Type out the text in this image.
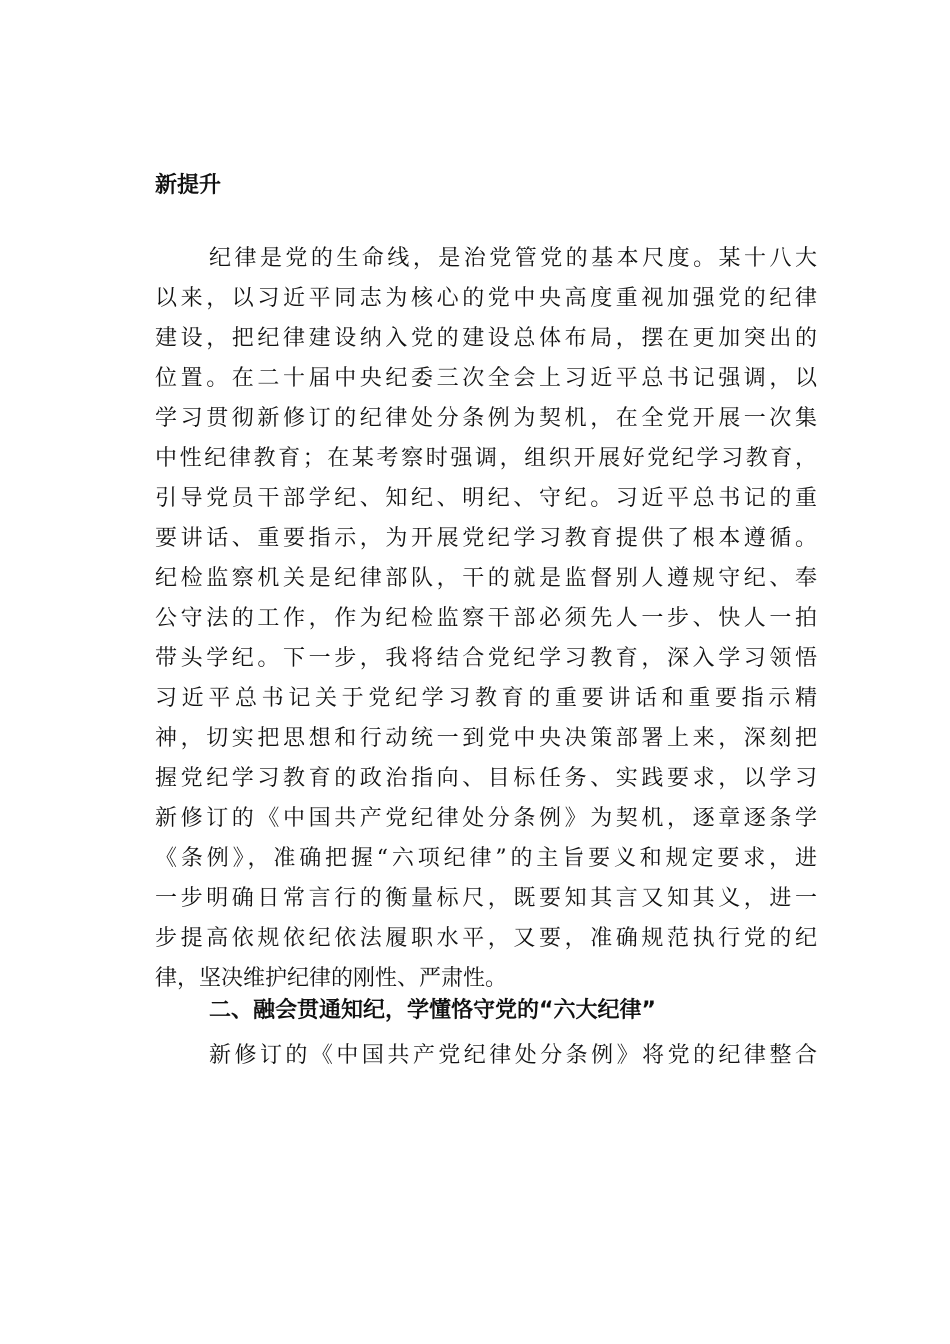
新提升

纪律是党的生命线，是治党管党的基本尺度。某十八大

以来，以习近平同志为核心的党中央高度重视加强党的纪律

建设，把纪律建设纳入党的建设总体布局，摆在更加突出的

位置。在二十届中央纪委三次全会上习近平总书记强调，以

学习贯彻新修订的纪律处分条例为契机，在全党开展一次集

中性纪律教育；在某考察时强调，组织开展好党纪学习教育，

引导党员干部学纪、知纪、明纪、守纪。习近平总书记的重

要讲话、重要指示，为开展党纪学习教育提供了根本遵循。

纪检监察机关是纪律部队，干的就是监督别人遵规守纪、奉

公守法的工作，作为纪检监察干部必须先人一步、快人一拍

带头学纪。下一步，我将结合党纪学习教育，深入学习领悟

习近平总书记关于党纪学习教育的重要讲话和重要指示精

神，切实把思想和行动统一到党中央决策部署上来，深刻把

握党纪学习教育的政治指向、目标任务、实践要求，以学习

新修订的《中国共产党纪律处分条例》为契机，逐章逐条学

《条例》，准确把握“六项纪律”的主旨要义和规定要求，进

一步明确日常言行的衡量标尺，既要知其言又知其义，进一

步提高依规依纪依法履职水平，又要，准确规范执行党的纪

律，坚决维护纪律的刚性、严肃性。

二、融会贯通知纪，学懂恪守党的“六大纪律”

新修订的《中国共产党纪律处分条例》将党的纪律整合
